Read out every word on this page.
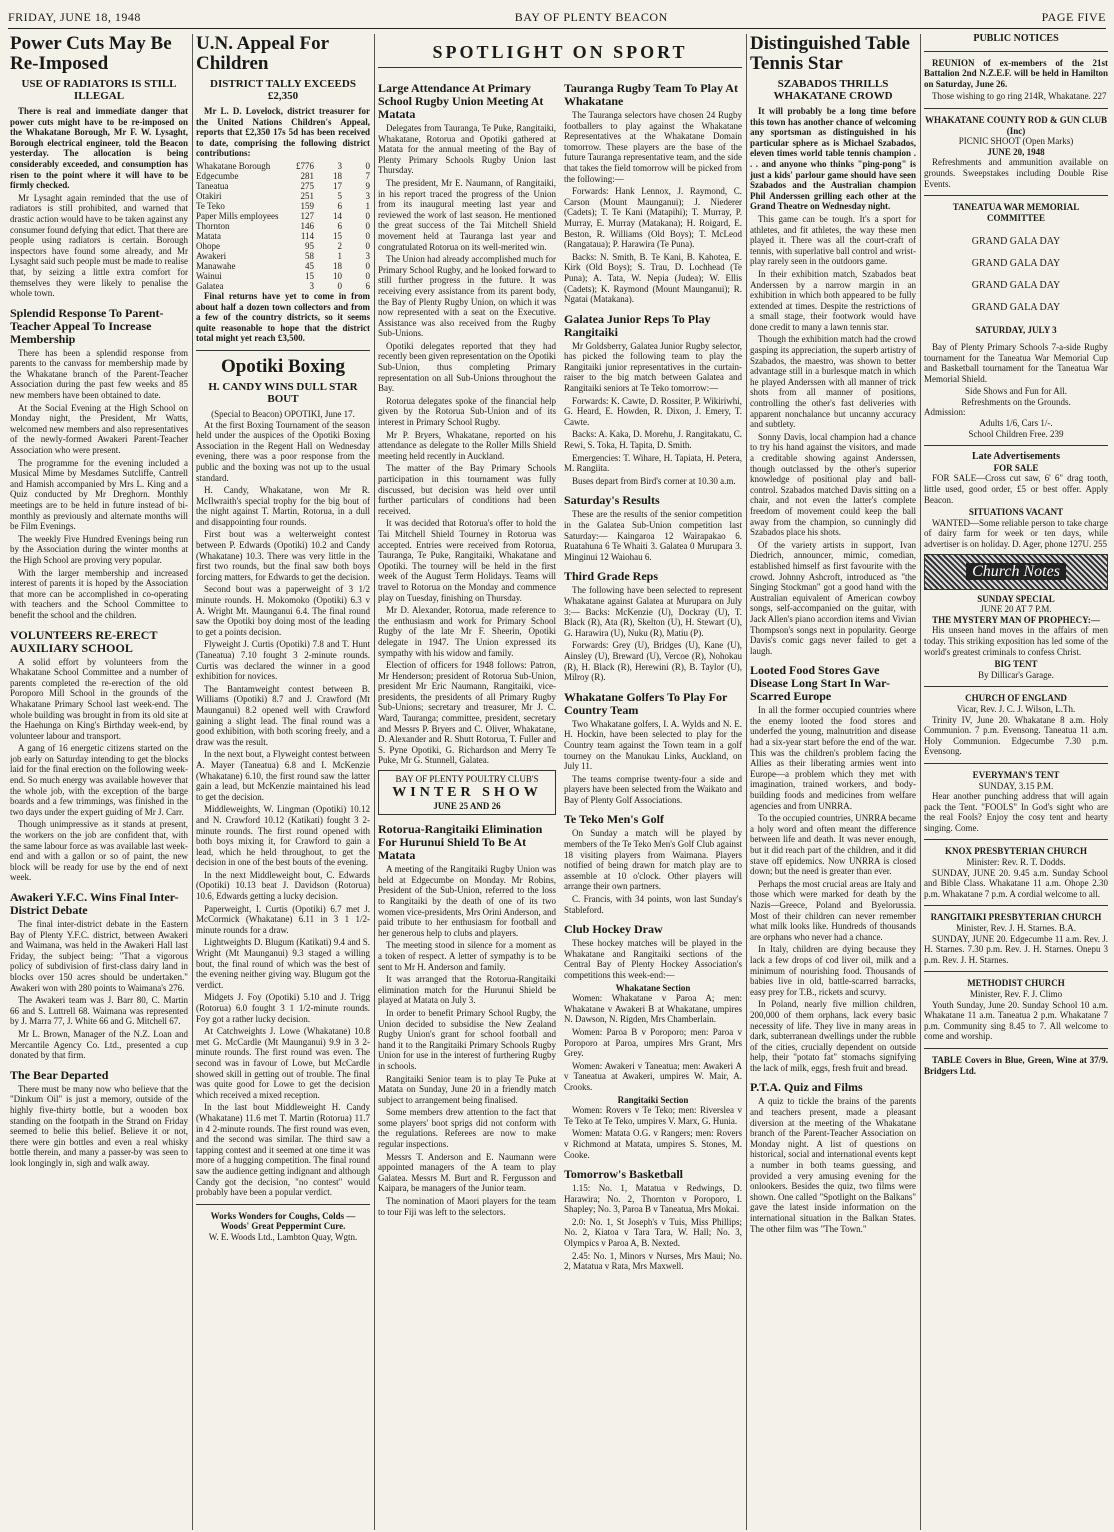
FRIDAY, JUNE 18, 1948	BAY OF PLENTY BEACON	PAGE FIVE
Power Cuts May Be Re-Imposed
USE OF RADIATORS IS STILL ILLEGAL

There is real and immediate danger that power cuts might have to be re-imposed on the Whakatane Borough, Mr F. W. Lysaght, Borough electrical engineer, told the Beacon yesterday. The allocation is being considerably exceeded, and consumption has risen to the point where it will have to be firmly checked.

Mr Lysaght again reminded that the use of radiators is still prohibited, and warned that drastic action would have to be taken against any consumer found defying that edict. That there are people using radiators is certain. Borough inspectors have found some already, and Mr Lysaght said such people must be made to realise that, by seizing a little extra comfort for themselves they were likely to penalise the whole town.

Splendid Response To Parent-Teacher Appeal To Increase Membership

There has been a splendid response from parents to the canvass for membership made by the Whakatane branch of the Parent-Teacher Association during the past few weeks and 85 new members have been obtained to date.

At the Social Evening at the High School on Monday night, the President, Mr Watts, welcomed new members and also representatives of the newly-formed Awakeri Parent-Teacher Association who were present.

The programme for the evening included a Musical Mime by Mesdames Sutcliffe, Cantrell and Hamish accompanied by Mrs L. King and a Quiz conducted by Mr Dreghorn. Monthly meetings are to be held in future instead of bi-monthly as previously and alternate months will be Film Evenings.

The weekly Five Hundred Evenings being run by the Association during the winter months at the High School are proving very popular.

With the larger membership and increased interest of parents it is hoped by the Association that more can be accomplished in co-operating with teachers and the School Committee to benefit the school and the children.

VOLUNTEERS RE-ERECT AUXILIARY SCHOOL

A solid effort by volunteers from the Whakatane School Committee and a number of parents completed the re-erection of the old Poroporo Mill School in the grounds of the Whakatane Primary School last week-end. The whole building was brought in from its old site at the Haehunga on King's Birthday week-end, by volunteer labour and transport.

A gang of 16 energetic citizens started on the job early on Saturday intending to get the blocks laid for the final erection on the following week-end. So much energy was available however that the whole job, with the exception of the barge boards and a few trimmings, was finished in the two days under the expert guiding of Mr J. Carr.

Though unimpressive as it stands at present, the workers on the job are confident that, with the same labour force as was available last week-end and with a gallon or so of paint, the new block will be ready for use by the end of next week.

Awakeri Y.F.C. Wins Final Inter-District Debate

The final inter-district debate in the Eastern Bay of Plenty Y.F.C. district, between Awakeri and Waimana, was held in the Awakeri Hall last Friday, the subject being: "That a vigorous policy of subdivision of first-class dairy land in blocks over 150 acres should be undertaken." Awakeri won with 280 points to Waimana's 276.

The Awakeri team was J. Barr 80, C. Martin 66 and S. Luttrell 68. Waimana was represented by J. Marra 77, J. White 66 and G. Mitchell 67.

Mr L. Brown, Manager of the N.Z. Loan and Mercantile Agency Co. Ltd., presented a cup donated by that firm.

The Bear Departed

There must be many now who believe that the "Dinkum Oil" is just a memory, outside of the highly five-thirty bottle, but a wooden box standing on the footpath in the Strand on Friday seemed to belie this belief. Believe it or not, there were gin bottles and even a real whisky bottle therein, and many a passer-by was seen to look longingly in, sigh and walk away.

U.N. Appeal For Children
DISTRICT TALLY EXCEEDS £2,350

Mr L. D. Lovelock, district treasurer for the United Nations Children's Appeal, reports that £2,350 17s 5d has been received to date, comprising the following district contributions:

Whakatane Borough	£776	3	0
Edgecumbe	281	18	7
Taneatua	275	17	9
Otakiri	251	5	3
Te Teko	159	6	1
Paper Mills employees	127	14	0
Thornton	146	6	0
Matata	114	15	0
Ohope	95	2	0
Awakeri	58	1	3
Manawahe	45	18	0
Wainui	15	10	0
Galatea	3	0	6

Final returns have yet to come in from about half a dozen town collectors and from a few of the country districts, so it seems quite reasonable to hope that the district total might yet reach £3,500.

Opotiki Boxing
H. CANDY WINS DULL STAR BOUT
(Special to Beacon) OPOTIKI, June 17.

At the first Boxing Tournament of the season held under the auspices of the Opotiki Boxing Association in the Regent Hall on Wednesday evening, there was a poor response from the public and the boxing was not up to the usual standard.

H. Candy, Whakatane, won Mr R. McIlwraith's special trophy for the big bout of the night against T. Martin, Rotorua, in a dull and disappointing four rounds.

First bout was a welterweight contest between P. Edwards (Opotiki) 10.2 and Candy (Whakatane) 10.3. There was very little in the first two rounds, but the final saw both boys forcing matters, for Edwards to get the decision.

Second bout was a paperweight of 3 1/2 minute rounds. H. Mokomoko (Opotiki) 6.3 v A. Wright Mt. Maunganui 6.4. The final round saw the Opotiki boy doing most of the leading to get a points decision.

Flyweight J. Curtis (Opotiki) 7.8 and T. Hunt (Taneatua) 7.10 fought 3 2-minute rounds. Curtis was declared the winner in a good exhibition for novices.

The Bantamweight contest between B. Williams (Opotiki) 8.7 and J. Crawford (Mt Maunganui) 8.2 opened well with Crawford gaining a slight lead. The final round was a good exhibition, with both scoring freely, and a draw was the result.

In the next bout, a Flyweight contest between A. Mayer (Taneatua) 6.8 and I. McKenzie (Whakatane) 6.10, the first round saw the latter gain a lead, but McKenzie maintained his lead to get the decision.

Middleweights, W. Lingman (Opotiki) 10.12 and N. Crawford 10.12 (Katikati) fought 3 2-minute rounds. The first round opened with both boys mixing it, for Crawford to gain a lead, which he held throughout, to get the decision in one of the best bouts of the evening.

In the next Middleweight bout, C. Edwards (Opotiki) 10.13 beat J. Davidson (Rotorua) 10.6, Edwards getting a lucky decision.

Paperweight, I. Curtis (Opotiki) 6.7 met J. McCormick (Whakatane) 6.11 in 3 1 1/2-minute rounds for a draw.

Lightweights D. Blugum (Katikati) 9.4 and S. Wright (Mt Maunganui) 9.3 staged a willing bout, the final round of which was the best of the evening neither giving way. Blugum got the verdict.

Midgets J. Foy (Opotiki) 5.10 and J. Trigg (Rotorua) 6.0 fought 3 1 1/2-minute rounds. Foy got a rather lucky decision.

At Catchweights J. Lowe (Whakatane) 10.8 met G. McCardle (Mt Maunganui) 9.9 in 3 2-minute rounds. The first round was even. The second was in favour of Lowe, but McCardle showed skill in getting out of trouble. The final was quite good for Lowe to get the decision which received a mixed reception.

In the last bout Middleweight H. Candy (Whakatane) 11.6 met T. Martin (Rotorua) 11.7 in 4 2-minute rounds. The first round was even, and the second was similar. The third saw a tapping contest and it seemed at one time it was more of a hugging competition. The final round saw the audience getting indignant and although Candy got the decision, "no contest" would probably have been a popular verdict.

Works Wonders for Coughs, Colds — Woods' Great Peppermint Cure.
W. E. Woods Ltd., Lambton Quay, Wgtn.
SPOTLIGHT ON SPORT
Large Attendance At Primary School Rugby Union Meeting At Matata

Delegates from Tauranga, Te Puke, Rangitaiki, Whakatane, Rotorua and Opotiki gathered at Matata for the annual meeting of the Bay of Plenty Primary Schools Rugby Union last Thursday.

The president, Mr E. Naumann, of Rangitaiki, in his report traced the progress of the Union from its inaugural meeting last year and reviewed the work of last season. He mentioned the great success of the Tai Mitchell Shield movement held at Tauranga last year and congratulated Rotorua on its well-merited win.

The Union had already accomplished much for Primary School Rugby, and he looked forward to still further progress in the future. It was receiving every assistance from its parent body, the Bay of Plenty Rugby Union, on which it was now represented with a seat on the Executive. Assistance was also received from the Rugby Sub-Unions.

Opotiki delegates reported that they had recently been given representation on the Opotiki Sub-Union, thus completing Primary representation on all Sub-Unions throughout the Bay.

Rotorua delegates spoke of the financial help given by the Rotorua Sub-Union and of its interest in Primary School Rugby.

Mr P. Bryers, Whakatane, reported on his attendance as delegate to the Roller Mills Shield meeting held recently in Auckland.

The matter of the Bay Primary Schools participation in this tournament was fully discussed, but decision was held over until further particulars of conditions had been received.

It was decided that Rotorua's offer to hold the Tai Mitchell Shield Tourney in Rotorua was accepted. Entries were received from Rotorua, Tauranga, Te Puke, Rangitaiki, Whakatane and Opotiki. The tourney will be held in the first week of the August Term Holidays. Teams will travel to Rotorua on the Monday and commence play on Tuesday, finishing on Thursday.

Mr D. Alexander, Rotorua, made reference to the enthusiasm and work for Primary School Rugby of the late Mr F. Sheerin, Opotiki delegate in 1947. The Union expressed its sympathy with his widow and family.

Election of officers for 1948 follows: Patron, Mr Henderson; president of Rotorua Sub-Union, president Mr Eric Naumann, Rangitaiki, vice-presidents, the presidents of all Primary Rugby Sub-Unions; secretary and treasurer, Mr J. C. Ward, Tauranga; committee, president, secretary and Messrs P. Bryers and C. Oliver, Whakatane, D. Alexander and R. Shutt Rotorua, T. Fuller and S. Pyne Opotiki, G. Richardson and Merry Te Puke, Mr G. Stunnell, Galatea.

BAY OF PLENTY POULTRY CLUB'S
WINTER SHOW
JUNE 25 AND 26
Rotorua-Rangitaiki Elimination For Hurunui Shield To Be At Matata

A meeting of the Rangitaiki Rugby Union was held at Edgecumbe on Monday. Mr Robins, President of the Sub-Union, referred to the loss to Rangitaiki by the death of one of its two women vice-presidents, Mrs Orini Anderson, and paid tribute to her enthusiasm for football and her generous help to clubs and players.

The meeting stood in silence for a moment as a token of respect. A letter of sympathy is to be sent to Mr H. Anderson and family.

It was arranged that the Rotorua-Rangitaiki elimination match for the Hurunui Shield be played at Matata on July 3.

In order to benefit Primary School Rugby, the Union decided to subsidise the New Zealand Rugby Union's grant for school football and hand it to the Rangitaiki Primary Schools Rugby Union for use in the interest of furthering Rugby in schools.

Rangitaiki Senior team is to play Te Puke at Matata on Sunday, June 20 in a friendly match subject to arrangement being finalised.

Some members drew attention to the fact that some players' boot sprigs did not conform with the regulations. Referees are now to make regular inspections.

Messrs T. Anderson and E. Naumann were appointed managers of the A team to play Galatea. Messrs M. Burt and R. Fergusson and Kaipara, be managers of the Junior team.

The nomination of Maori players for the team to tour Fiji was left to the selectors.

Tauranga Rugby Team To Play At Whakatane

The Tauranga selectors have chosen 24 Rugby footballers to play against the Whakatane Representatives at the Whakatane Domain tomorrow. These players are the base of the future Tauranga representative team, and the side that takes the field tomorrow will be picked from the following:—

Forwards: Hank Lennox, J. Raymond, C. Carson (Mount Maunganui); J. Niederer (Cadets); T. Te Kani (Matapihi); T. Murray, P. Murray, E. Murray (Matakana); H. Roigard, E. Beston, R. Williams (Old Boys); T. McLeod (Rangataua); P. Harawira (Te Puna).

Backs: N. Smith, B. Te Kani, B. Kahotea, E. Kirk (Old Boys); S. Trau, D. Lochhead (Te Puna); A. Tata, W. Nepia (Judea); W. Ellis (Cadets); K. Raymond (Mount Maunganui); R. Ngatai (Matakana).

Galatea Junior Reps To Play Rangitaiki

Mr Goldsberry, Galatea Junior Rugby selector, has picked the following team to play the Rangitaiki junior representatives in the curtain-raiser to the big match between Galatea and Rangitaiki seniors at Te Teko tomorrow:—

Forwards: K. Cawte, D. Rossiter, P. Wikiriwhi, G. Heard, E. Howden, R. Dixon, J. Emery, T. Cawte.

Backs: A. Kaka, D. Morehu, J. Rangitakatu, C. Rewi, S. Toka, H. Tapita, D. Smith.

Emergencies: T. Wihare, H. Tapiata, H. Petera, M. Rangiita.

Buses depart from Bird's corner at 10.30 a.m.

Saturday's Results

These are the results of the senior competition in the Galatea Sub-Union competition last Saturday:— Kaingaroa 12 Wairapakao 6. Ruatahuna 6 Te Whaiti 3. Galatea 0 Murupara 3. Minginui 12 Waiohau 6.

Third Grade Reps

The following have been selected to represent Whakatane against Galatea at Murupara on July 3:— Backs: McKenzie (U), Dockray (U), T. Black (R), Ata (R), Skelton (U), H. Stewart (U), G. Harawira (U), Nuku (R), Matiu (P).

Forwards: Grey (U), Bridges (U), Kane (U), Ainsley (U), Breward (U), Vercoe (R), Nohokau (R), H. Black (R), Herewini (R), B. Taylor (U), Milroy (R).

Whakatane Golfers To Play For Country Team

Two Whakatane golfers, I. A. Wylds and N. E. H. Hockin, have been selected to play for the Country team against the Town team in a golf tourney on the Manukau Links, Auckland, on July 11.

The teams comprise twenty-four a side and players have been selected from the Waikato and Bay of Plenty Golf Associations.

Te Teko Men's Golf

On Sunday a match will be played by members of the Te Teko Men's Golf Club against 18 visiting players from Waimana. Players notified of being drawn for match play are to assemble at 10 o'clock. Other players will arrange their own partners.

C. Francis, with 34 points, won last Sunday's Stableford.

Club Hockey Draw

These hockey matches will be played in the Whakatane and Rangitaiki sections of the Central Bay of Plenty Hockey Association's competitions this week-end:—

Whakatane Section

Women: Whakatane v Paroa A; men: Whakatane v Awakeri B at Whakatane, umpires N. Dawson, N. Rigden, Mrs Chamberlain.

Women: Paroa B v Poroporo; men: Paroa v Poroporo at Paroa, umpires Mrs Grant, Mrs Grey.

Women: Awakeri v Taneatua; men: Awakeri A v Taneatua at Awakeri, umpires W. Mair, A. Crooks.

Rangitaiki Section

Women: Rovers v Te Teko; men: Riverslea v Te Teko at Te Teko, umpires V. Marx, G. Hunia.

Women: Matata O.G. v Rangers; men: Rovers v Richmond at Matata, umpires S. Stones, M. Cooke.

Tomorrow's Basketball

1.15: No. 1, Matatua v Redwings, D. Harawira; No. 2, Thornton v Poroporo, I. Shapley; No. 3, Paroa B v Taneatua, Mrs Mokai.

2.0: No. 1, St Joseph's v Tuis, Miss Phillips; No. 2, Kiatoa v Tara Tara, W. Hall; No. 3, Olympics v Paroa A, B. Nexted.

2.45: No. 1, Minors v Nurses, Mrs Maui; No. 2, Matatua v Rata, Mrs Maxwell.

Distinguished Table Tennis Star
SZABADOS THRILLS WHAKATANE CROWD

It will probably be a long time before this town has another chance of welcoming any sportsman as distinguished in his particular sphere as is Michael Szabados, eleven times world table tennis champion . . . and anyone who thinks "ping-pong" is just a kids' parlour game should have seen Szabados and the Australian champion Phil Anderssen grilling each other at the Grand Theatre on Wednesday night.

This game can be tough. It's a sport for athletes, and fit athletes, the way these men played it. There was all the court-craft of tennis, with superlative ball control and wrist-play rarely seen in the outdoors game.

In their exhibition match, Szabados beat Anderssen by a narrow margin in an exhibition in which both appeared to be fully extended at times. Despite the restrictions of a small stage, their footwork would have done credit to many a lawn tennis star.

Though the exhibition match had the crowd gasping its appreciation, the superb artistry of Szabados, the maestro, was shown to better advantage still in a burlesque match in which he played Anderssen with all manner of trick shots from all manner of positions, controlling the other's fast deliveries with apparent nonchalance but uncanny accuracy and subtlety.

Sonny Davis, local champion had a chance to try his hand against the visitors, and made a creditable showing against Anderssen, though outclassed by the other's superior knowledge of positional play and ball-control. Szabados matched Davis sitting on a chair, and not even the latter's complete freedom of movement could keep the ball away from the champion, so cunningly did Szabados place his shots.

Of the variety artists in support, Ivan Diedrich, announcer, mimic, comedian, established himself as first favourite with the crowd. Johnny Ashcroft, introduced as "the Singing Stockman" got a good hand with the Australian equivalent of American cowboy songs, self-accompanied on the guitar, with Jack Allen's piano accordion items and Vivian Thompson's songs next in popularity. George Davis's comic gags never failed to get a laugh.

Looted Food Stores Gave Disease Long Start In War-Scarred Europe

In all the former occupied countries where the enemy looted the food stores and underfed the young, malnutrition and disease had a six-year start before the end of the war. This was the children's problem facing the Allies as their liberating armies went into Europe—a problem which they met with imagination, trained workers, and body-building foods and medicines from welfare agencies and from UNRRA.

To the occupied countries, UNRRA became a holy word and often meant the difference between life and death. It was never enough, but it did reach part of the children, and it did stave off epidemics. Now UNRRA is closed down; but the need is greater than ever.

Perhaps the most crucial areas are Italy and those which were marked for death by the Nazis—Greece, Poland and Byelorussia. Most of their children can never remember what milk looks like. Hundreds of thousands are orphans who never had a chance.

In Italy, children are dying because they lack a few drops of cod liver oil, milk and a minimum of nourishing food. Thousands of babies live in old, battle-scarred barracks, easy prey for T.B., rickets and scurvy.

In Poland, nearly five million children, 200,000 of them orphans, lack every basic necessity of life. They live in many areas in dark, subterranean dwellings under the rubble of the cities, crucially dependent on outside help, their "potato fat" stomachs signifying the lack of milk, eggs, fresh fruit and bread.

P.T.A. Quiz and Films

A quiz to tickle the brains of the parents and teachers present, made a pleasant diversion at the meeting of the Whakatane branch of the Parent-Teacher Association on Monday night. A list of questions on historical, social and international events kept a number in both teams guessing, and provided a very amusing evening for the onlookers. Besides the quiz, two films were shown. One called "Spotlight on the Balkans" gave the latest inside information on the international situation in the Balkan States. The other film was "The Town."

PUBLIC NOTICES

REUNION of ex-members of the 21st Battalion 2nd N.Z.E.F. will be held in Hamilton on Saturday, June 26.

Those wishing to go ring 214R, Whakatane. 227

WHAKATANE COUNTY ROD & GUN CLUB (Inc)
PICNIC SHOOT (Open Marks)
JUNE 20, 1948

Refreshments and ammunition available on grounds. Sweepstakes including Double Rise Events.

TANEATUA WAR MEMORIAL COMMITTEE
GRAND GALA DAY
GRAND GALA DAY
GRAND GALA DAY
GRAND GALA DAY
SATURDAY, JULY 3

Bay of Plenty Primary Schools 7-a-side Rugby tournament for the Taneatua War Memorial Cup and Basketball tournament for the Taneatua War Memorial Shield.

Side Shows and Fun for All.
Refreshments on the Grounds.
Admission:
Adults 1/6, Cars 1/-.
School Children Free. 239
Late Advertisements
FOR SALE

FOR SALE—Cross cut saw, 6' 6" drag tooth, little used, good order, £5 or best offer. Apply Beacon.

SITUATIONS VACANT

WANTED—Some reliable person to take charge of dairy farm for week or ten days, while advertiser is on holiday. D. Ager, phone 127U. 255

Church Notes
SUNDAY SPECIAL
JUNE 20 AT 7 P.M.
THE MYSTERY MAN OF PROPHECY:—

His unseen hand moves in the affairs of men today. This striking exposition has led some of the world's greatest criminals to confess Christ.

BIG TENT
By Dillicar's Garage.
CHURCH OF ENGLAND
Vicar, Rev. J. C. J. Wilson, L.Th.

Trinity IV, June 20. Whakatane 8 a.m. Holy Communion. 7 p.m. Evensong. Taneatua 11 a.m. Holy Communion. Edgecumbe 7.30 p.m. Evensong.

EVERYMAN'S TENT
SUNDAY, 3.15 P.M.

Hear another punching address that will again pack the Tent. "FOOLS" In God's sight who are the real Fools? Enjoy the cosy tent and hearty singing. Come.

KNOX PRESBYTERIAN CHURCH
Minister: Rev. R. T. Dodds.

SUNDAY, JUNE 20. 9.45 a.m. Sunday School and Bible Class. Whakatane 11 a.m. Ohope 2.30 p.m. Whakatane 7 p.m. A cordial welcome to all.

RANGITAIKI PRESBYTERIAN CHURCH
Minister, Rev. J. H. Starnes. B.A.

SUNDAY, JUNE 20. Edgecumbe 11 a.m. Rev. J. H. Starnes. 7.30 p.m. Rev. J. H. Starnes. Onepu 3 p.m. Rev. J. H. Starnes.

METHODIST CHURCH
Minister, Rev. F. J. Climo

Youth Sunday, June 20. Sunday School 10 a.m. Whakatane 11 a.m. Taneatua 2 p.m. Whakatane 7 p.m. Community sing 8.45 to 7. All welcome to come and worship.

TABLE Covers in Blue, Green, Wine at 37/9. Bridgers Ltd.
